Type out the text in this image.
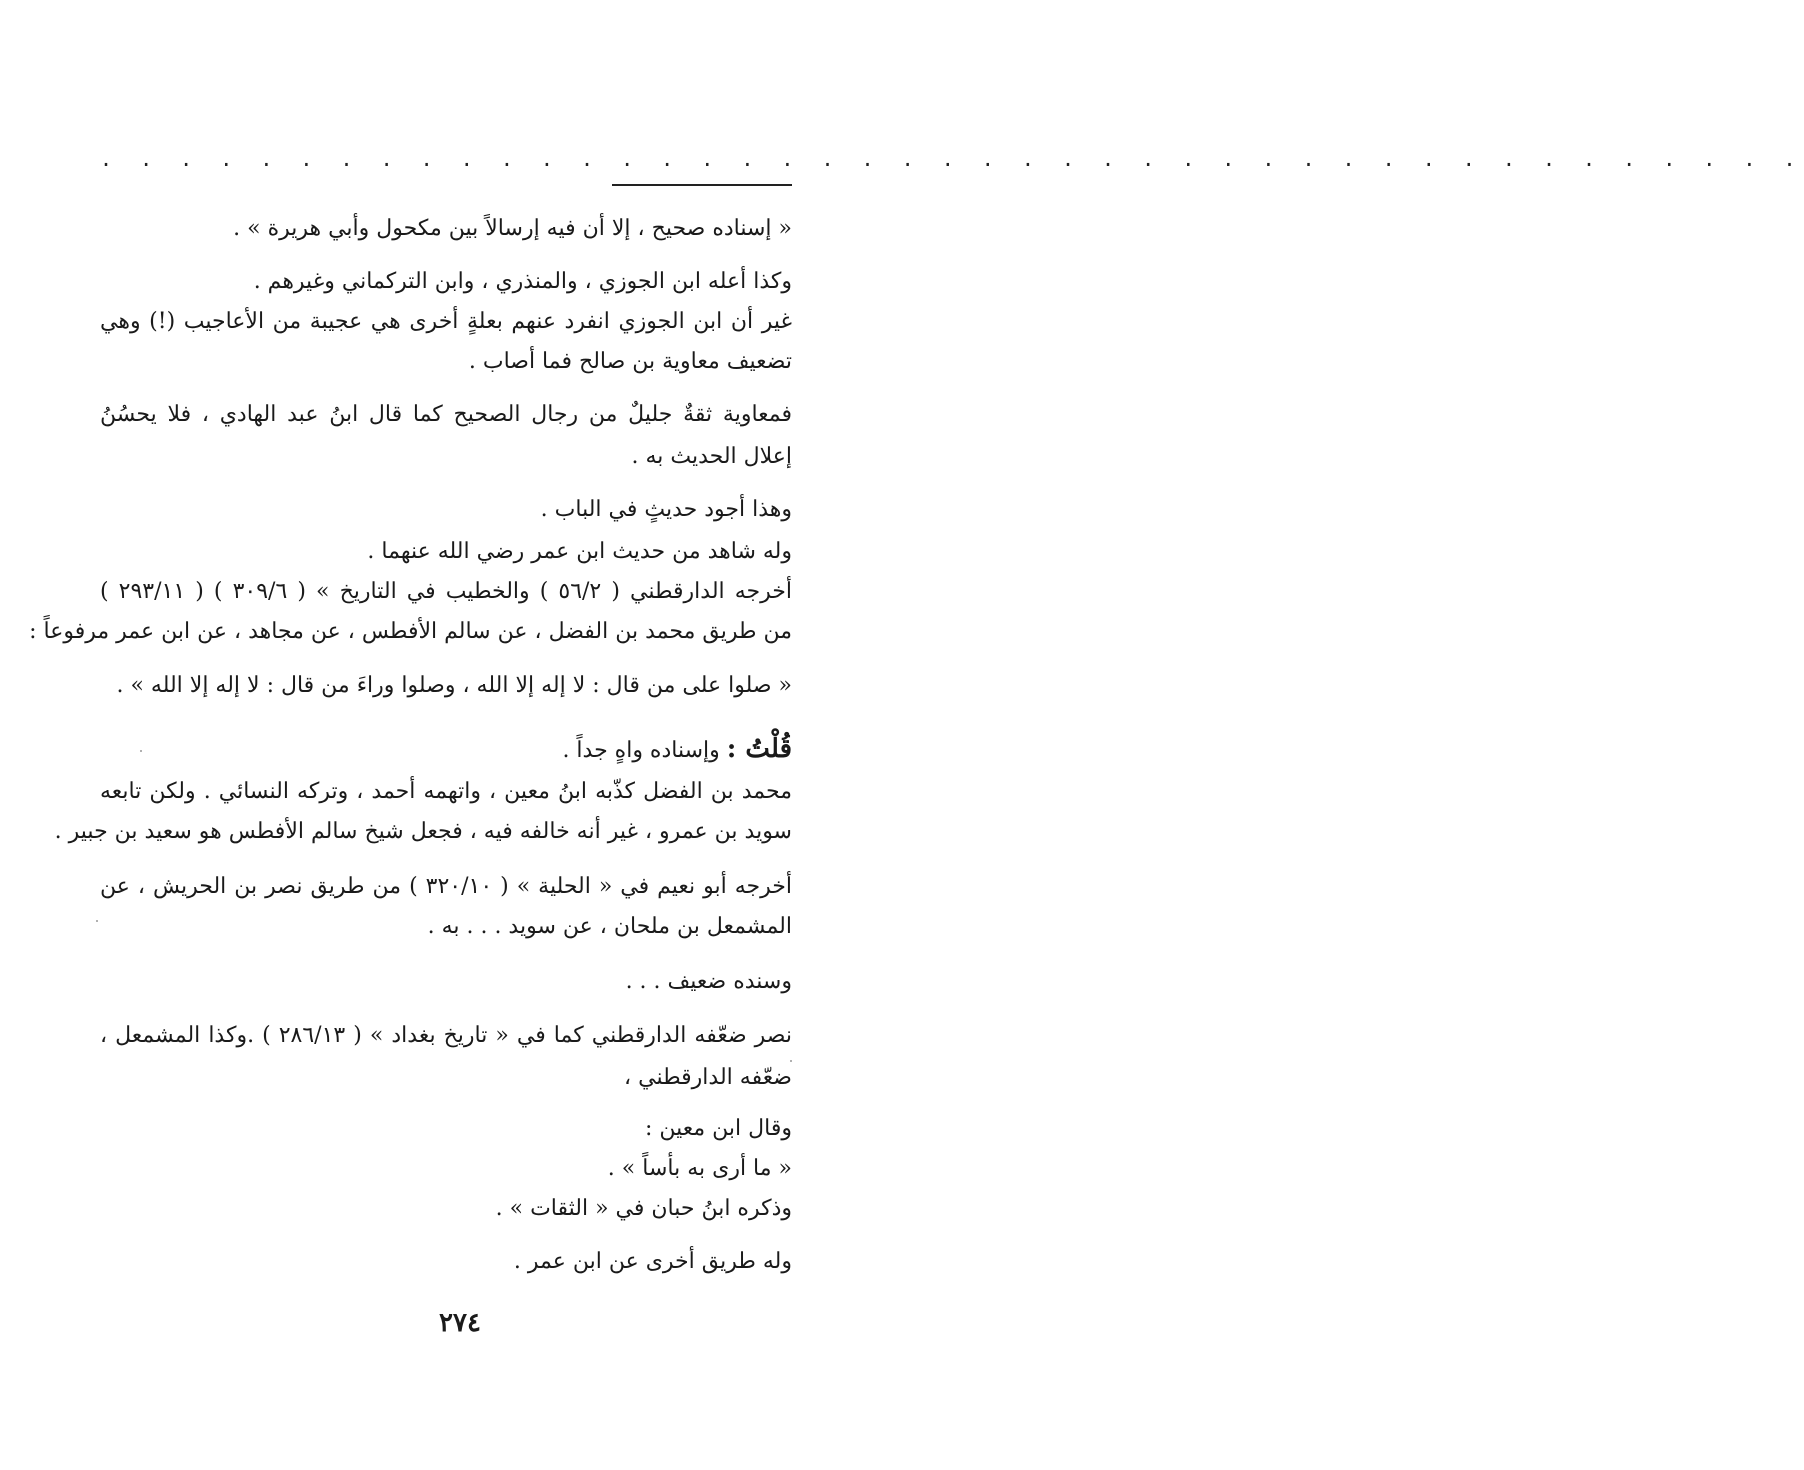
. . . . . . . . . . . . . . . . . . . . . . . . . . . . . . . . . . . . . . . . . . .
« إسناده صحيح ، إلا أن فيه إرسالاً بين مكحول وأبي هريرة » .
وكذا أعله ابن الجوزي ، والمنذري ، وابن التركماني وغيرهم .
غير أن ابن الجوزي انفرد عنهم بعلةٍ أخرى هي عجيبة من الأعاجيب (!) وهي
تضعيف معاوية بن صالح فما أصاب .
فمعاوية ثقةٌ جليلٌ من رجال الصحيح كما قال ابنُ عبد الهادي ، فلا يحسُنُ
إعلال الحديث به .
وهذا أجود حديثٍ في الباب .
وله شاهد من حديث ابن عمر رضي الله عنهما .
أخرجه الدارقطني ( ٥٦/٢ ) والخطيب في التاريخ » ( ٣٠٩/٦ ) ( ٢٩٣/١١ )
من طريق محمد بن الفضل ، عن سالم الأفطس ، عن مجاهد ، عن ابن عمر مرفوعاً :
« صلوا على من قال : لا إله إلا الله ، وصلوا وراءَ من قال : لا إله إلا الله » .
قُلْتُ : وإسناده واهٍ جداً .
محمد بن الفضل كذّبه ابنُ معين ، واتهمه أحمد ، وتركه النسائي . ولكن تابعه
سويد بن عمرو ، غير أنه خالفه فيه ، فجعل شيخ سالم الأفطس هو سعيد بن جبير .
أخرجه أبو نعيم في « الحلية » ( ٣٢٠/١٠ ) من طريق نصر بن الحريش ، عن
المشمعل بن ملحان ، عن سويد . . . به .
وسنده ضعيف . . .
نصر ضعّفه الدارقطني كما في « تاريخ بغداد » ( ٢٨٦/١٣ ) .وكذا المشمعل ،
ضعّفه الدارقطني ،
وقال ابن معين :
« ما أرى به بأساً » .
وذكره ابنُ حبان في « الثقات » .
وله طريق أخرى عن ابن عمر .
٢٧٤
